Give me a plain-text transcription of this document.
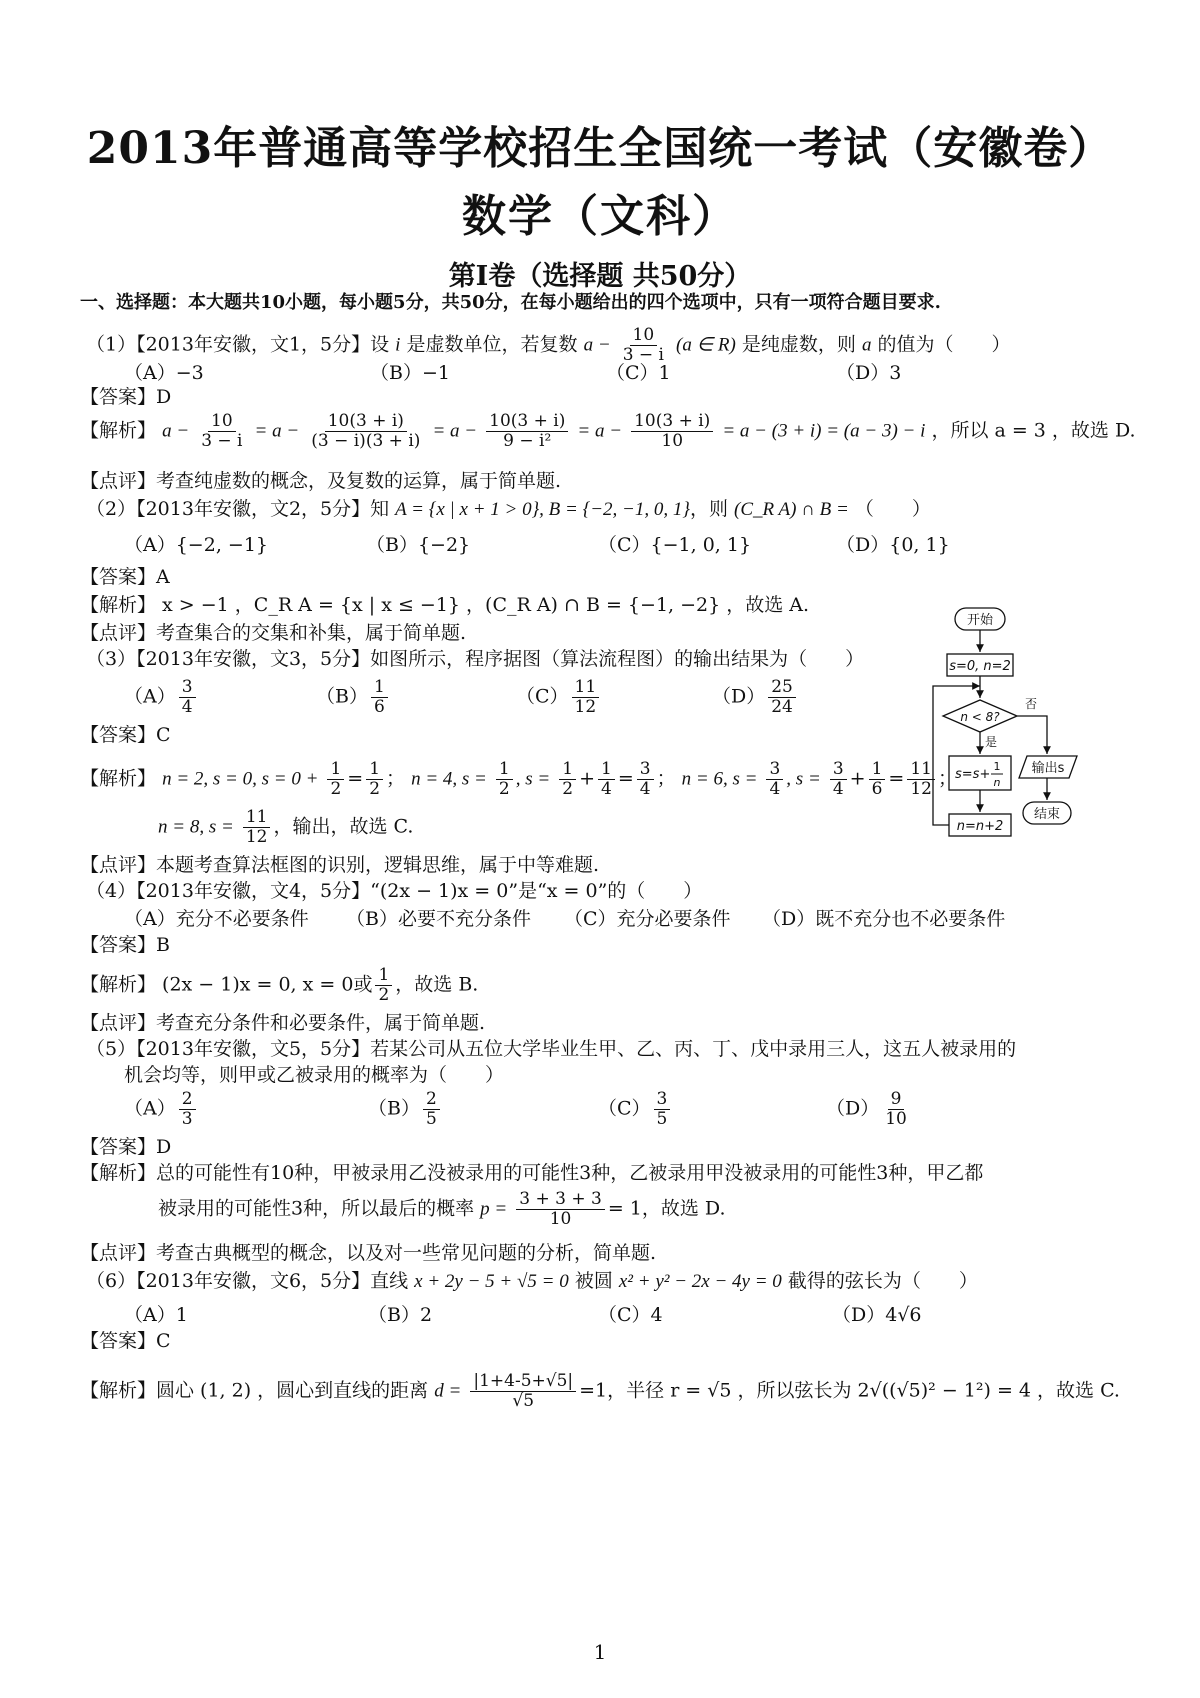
2013年普通高等学校招生全国统一考试（安徽卷）
数学（文科）
第Ⅰ卷（选择题 共50分）
一、选择题：本大题共10小题，每小题5分，共50分，在每小题给出的四个选项中，只有一项符合题目要求.
（1）【2013年安徽，文1，5分】设 i 是虚数单位，若复数 $a - \frac{10}{3 - i} (a$ ∈ R) 是纯虚数，则 a 的值为（　　）
（A）−3	（B）−1	（C）1	（D）3
【答案】D
【解析】 $a - \frac{10}{3 - i} = a - \frac{10(3 + i)}{(3 - i)(3 + i)} = a - \frac{10(3 + i)}{\text{9 − i²}} = a - \frac{10(3 + i)}{10} = a - (3 + i) = (a - 3) - i$ ，所以 a = 3 ，故选 D.
【点评】考查纯虚数的概念，及复数的运算，属于简单题.
（2）【2013年安徽，文2，5分】知 A = {x | x + 1 > 0}, B = {−2, −1, 0, 1}，则 (C_R A) ∩ B = （　　）
（A）{−2, −1}	（B）{−2}	（C）{−1, 0, 1}	（D）{0, 1}
【答案】A
【解析】 x > −1 ，C_R A = {x | x ≤ −1} ，(C_R A) ∩ B = {−1, −2} ，故选 A.
【点评】考查集合的交集和补集，属于简单题.
（3）【2013年安徽，文3，5分】如图所示，程序据图（算法流程图）的输出结果为（　　）
$(A) \frac{3}{4}$	$(B) \frac{1}{6}$	$(C) \frac{11}{12}$	$(D) \frac{25}{24}$
【答案】C
【解析】 n = 2, s = 0, $s = 0 + \frac{1}{2} = \frac{1}{2}$ ； n = 4, $s = \frac{1}{2}$ , $s = \frac{1}{2} + \frac{1}{4} = \frac{3}{4}$ ； n = 6, $s = \frac{3}{4}$ , $s = \frac{3}{4} + \frac{1}{6} = \frac{11}{12}$ ；
n = 8, $s = \frac{11}{12}$ ，输出，故选 C.
【点评】本题考查算法框图的识别，逻辑思维，属于中等难题.
开始
s=0, n=2
n < 8?
否
是
s=s+
1
n
输出s
结束
n=n+2
（4）【2013年安徽，文4，5分】“(2x − 1)x = 0”是“x = 0”的（　　）
（A）充分不必要条件 （B）必要不充分条件 （C）充分必要条件 （D）既不充分也不必要条件
【答案】B
【解析】 (2x − 1)x = 0, x = 0或 $\frac{1}{2}$ ，故选 B.
【点评】考查充分条件和必要条件，属于简单题.
（5）【2013年安徽，文5，5分】若某公司从五位大学毕业生甲、乙、丙、丁、戊中录用三人，这五人被录用的
机会均等，则甲或乙被录用的概率为（　　）
$(A) \frac{2}{3}$	$(B) \frac{2}{5}$	$(C) \frac{3}{5}$	$(D) \frac{9}{10}$
【答案】D
【解析】总的可能性有10种，甲被录用乙没被录用的可能性3种，乙被录用甲没被录用的可能性3种，甲乙都
被录用的可能性3种，所以最后的概率 $p = \frac{3 + 3 + 3}{10} = 1$，故选 D.
【点评】考查古典概型的概念，以及对一些常见问题的分析，简单题.
（6）【2013年安徽，文6，5分】直线 x + 2y − 5 + √5 = 0 被圆 x² + y² − 2x − 4y = 0 截得的弦长为（　　）
（A）1	（B）2	（C）4	（D）4√6
【答案】C
【解析】圆心 (1, 2) ，圆心到直线的距离 $d = \frac{|1+4-5+√5|}{√5} =1$，半径 r = √5 ，所以弦长为 2√((√5)² − 1²) = 4 ，故选 C.
1
